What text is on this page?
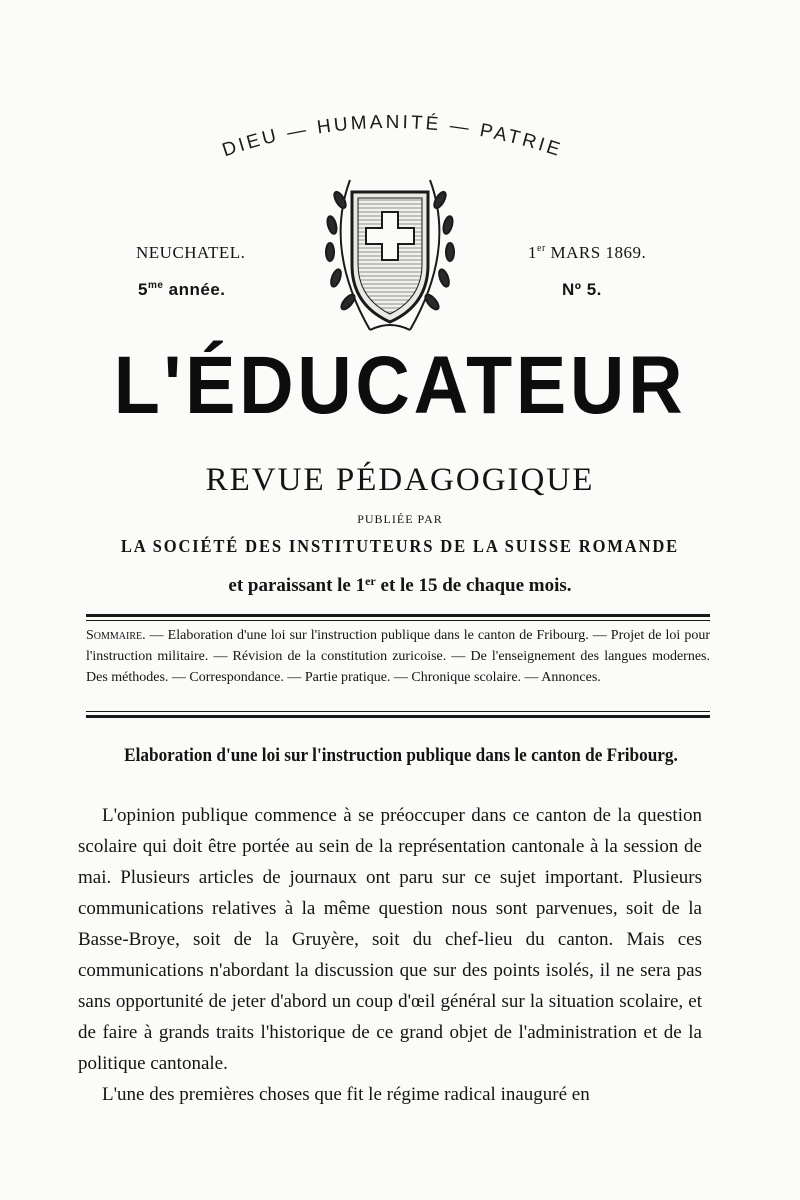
DIEU — HUMANITÉ — PATRIE
NEUCHATEL.	1er MARS 1869.
$5^{me}$ année.	Nº 5.
L'ÉDUCATEUR
REVUE PÉDAGOGIQUE
PUBLIÉE PAR
LA SOCIÉTÉ DES INSTITUTEURS DE LA SUISSE ROMANDE
et paraissant le 1er et le 15 de chaque mois.
Sommaire. — Elaboration d'une loi sur l'instruction publique dans le canton de Fribourg. — Projet de loi pour l'instruction militaire. — Révision de la constitution zuricoise. — De l'enseignement des langues modernes. Des méthodes. — Correspondance. — Partie pratique. — Chronique scolaire. — Annonces.
Elaboration d'une loi sur l'instruction publique dans le canton de Fribourg.

L'opinion publique commence à se préoccuper dans ce canton de la question scolaire qui doit être portée au sein de la représentation cantonale à la session de mai. Plusieurs articles de journaux ont paru sur ce sujet important. Plusieurs communications relatives à la même question nous sont parvenues, soit de la Basse-Broye, soit de la Gruyère, soit du chef-lieu du canton. Mais ces communications n'abordant la discussion que sur des points isolés, il ne sera pas sans opportunité de jeter d'abord un coup d'œil général sur la situation scolaire, et de faire à grands traits l'historique de ce grand objet de l'administration et de la politique cantonale.

L'une des premières choses que fit le régime radical inauguré en
